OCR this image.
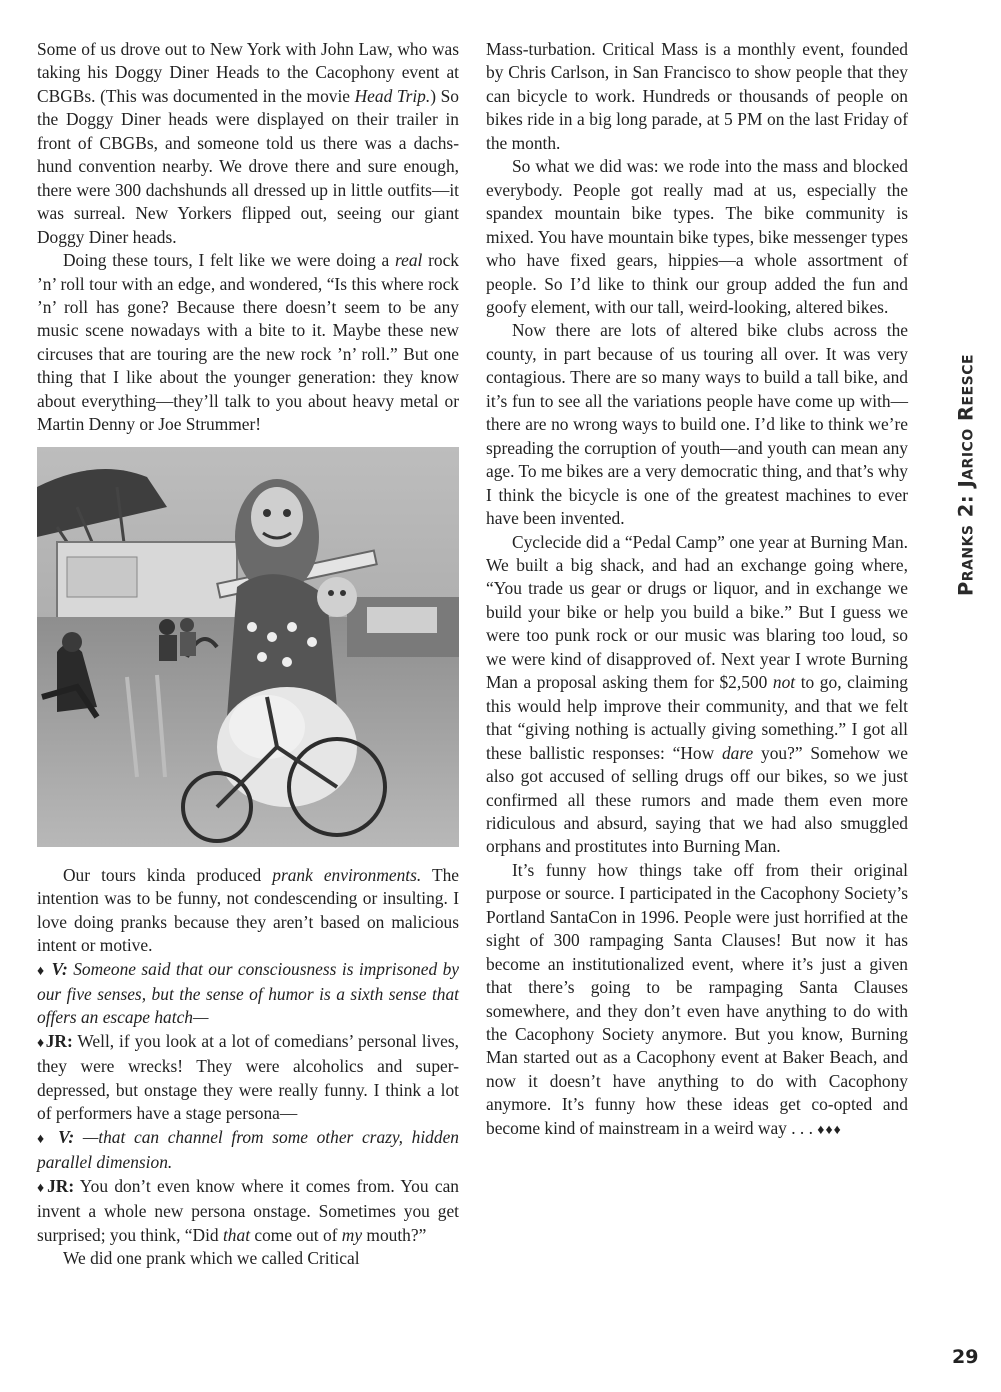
Some of us drove out to New York with John Law, who was taking his Doggy Diner Heads to the Cacophony event at CBGBs. (This was documented in the movie Head Trip.) So the Doggy Diner heads were displayed on their trailer in front of CBGBs, and someone told us there was a dachshund convention nearby. We drove there and sure enough, there were 300 dachshunds all dressed up in little outfits—it was surreal. New Yorkers flipped out, seeing our giant Doggy Diner heads.

Doing these tours, I felt like we were doing a real rock ’n’ roll tour with an edge, and wondered, “Is this where rock ’n’ roll has gone? Because there doesn’t seem to be any music scene nowadays with a bite to it. Maybe these new circuses that are touring are the new rock ’n’ roll.” But one thing that I like about the younger generation: they know about everything—they’ll talk to you about heavy metal or Martin Denny or Joe Strummer!

Our tours kinda produced prank environments. The intention was to be funny, not condescending or insulting. I love doing pranks because they aren’t based on malicious intent or motive.

♦ V: Someone said that our consciousness is imprisoned by our five senses, but the sense of humor is a sixth sense that offers an escape hatch—

♦JR: Well, if you look at a lot of comedians’ personal lives, they were wrecks! They were alcoholics and super-depressed, but onstage they were really funny. I think a lot of performers have a stage persona—

♦ V: —that can channel from some other crazy, hidden parallel dimension.

♦JR: You don’t even know where it comes from. You can invent a whole new persona onstage. Sometimes you get surprised; you think, “Did that come out of my mouth?”

We did one prank which we called Critical

Mass-turbation. Critical Mass is a monthly event, founded by Chris Carlson, in San Francisco to show people that they can bicycle to work. Hundreds or thousands of people on bikes ride in a big long parade, at 5 PM on the last Friday of the month.

So what we did was: we rode into the mass and blocked everybody. People got really mad at us, especially the spandex mountain bike types. The bike community is mixed. You have mountain bike types, bike messenger types who have fixed gears, hippies—a whole assortment of people. So I’d like to think our group added the fun and goofy element, with our tall, weird-looking, altered bikes.

Now there are lots of altered bike clubs across the county, in part because of us touring all over. It was very contagious. There are so many ways to build a tall bike, and it’s fun to see all the variations people have come up with—there are no wrong ways to build one. I’d like to think we’re spreading the corruption of youth—and youth can mean any age. To me bikes are a very democratic thing, and that’s why I think the bicycle is one of the greatest machines to ever have been invented.

Cyclecide did a “Pedal Camp” one year at Burning Man. We built a big shack, and had an exchange going where, “You trade us gear or drugs or liquor, and in exchange we build your bike or help you build a bike.” But I guess we were too punk rock or our music was blaring too loud, so we were kind of disapproved of. Next year I wrote Burning Man a proposal asking them for $2,500 not to go, claiming this would help improve their community, and that we felt that “giving nothing is actually giving something.” I got all these ballistic responses: “How dare you?” Somehow we also got accused of selling drugs off our bikes, so we just confirmed all these rumors and made them even more ridiculous and absurd, saying that we had also smuggled orphans and prostitutes into Burning Man.

It’s funny how things take off from their original purpose or source. I participated in the Cacophony Society’s Portland SantaCon in 1996. People were just horrified at the sight of 300 rampaging Santa Clauses! But now it has become an institutionalized event, where it’s just a given that there’s going to be rampaging Santa Clauses somewhere, and they don’t even have anything to do with the Cacophony Society anymore. But you know, Burning Man started out as a Cacophony event at Baker Beach, and now it doesn’t have anything to do with Cacophony anymore. It’s funny how these ideas get co-opted and become kind of mainstream in a weird way . . . ♦♦♦

Pranks 2: Jarico Reesce
29
